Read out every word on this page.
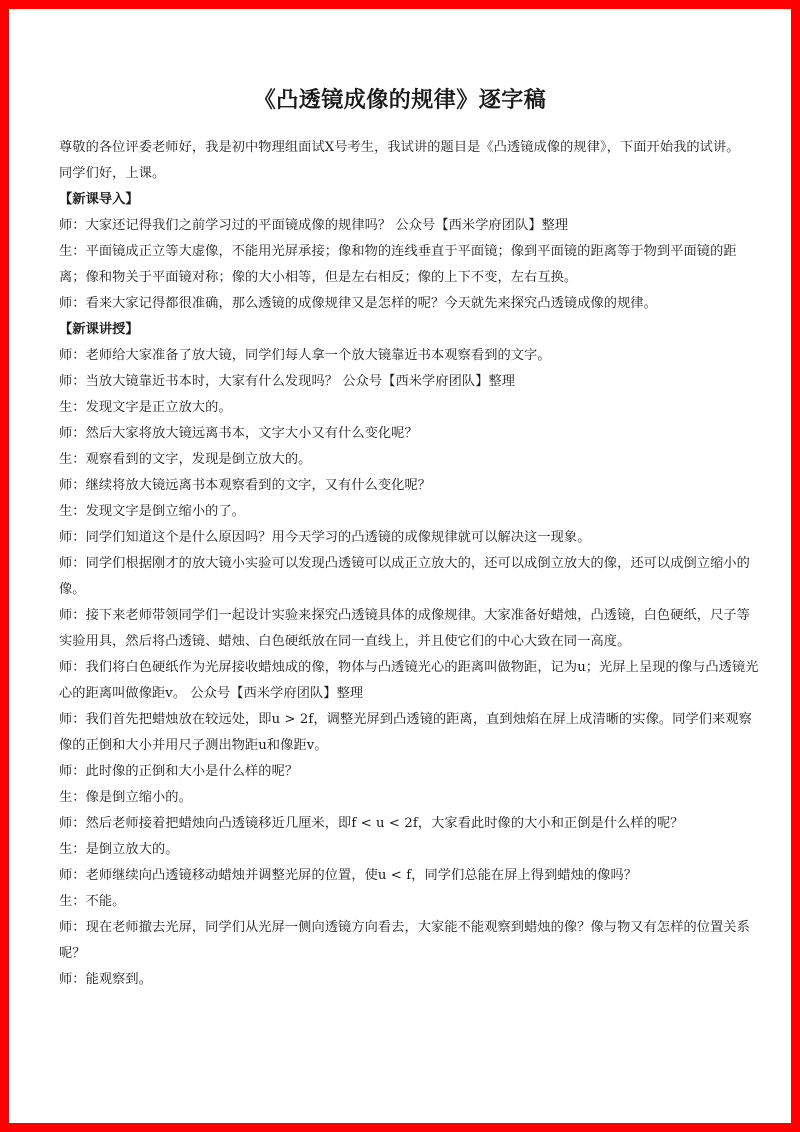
《凸透镜成像的规律》逐字稿

尊敬的各位评委老师好，我是初中物理组面试X号考生，我试讲的题目是《凸透镜成像的规律》，下面开始我的试讲。

同学们好，上课。

【新课导入】

师：大家还记得我们之前学习过的平面镜成像的规律吗？ 公众号【西米学府团队】整理

生：平面镜成正立等大虚像，不能用光屏承接；像和物的连线垂直于平面镜；像到平面镜的距离等于物到平面镜的距离；像和物关于平面镜对称；像的大小相等，但是左右相反；像的上下不变，左右互换。

师：看来大家记得都很准确，那么透镜的成像规律又是怎样的呢？今天就先来探究凸透镜成像的规律。

【新课讲授】

师：老师给大家准备了放大镜，同学们每人拿一个放大镜靠近书本观察看到的文字。

师：当放大镜靠近书本时，大家有什么发现吗？ 公众号【西米学府团队】整理

生：发现文字是正立放大的。

师：然后大家将放大镜远离书本，文字大小又有什么变化呢？

生：观察看到的文字，发现是倒立放大的。

师：继续将放大镜远离书本观察看到的文字，又有什么变化呢？

生：发现文字是倒立缩小的了。

师：同学们知道这个是什么原因吗？用今天学习的凸透镜的成像规律就可以解决这一现象。

师：同学们根据刚才的放大镜小实验可以发现凸透镜可以成正立放大的，还可以成倒立放大的像，还可以成倒立缩小的像。

师：接下来老师带领同学们一起设计实验来探究凸透镜具体的成像规律。大家准备好蜡烛，凸透镜，白色硬纸，尺子等实验用具，然后将凸透镜、蜡烛、白色硬纸放在同一直线上，并且使它们的中心大致在同一高度。

师：我们将白色硬纸作为光屏接收蜡烛成的像，物体与凸透镜光心的距离叫做物距，记为u；光屏上呈现的像与凸透镜光心的距离叫做像距v。 公众号【西米学府团队】整理

师：我们首先把蜡烛放在较远处，即u > 2f，调整光屏到凸透镜的距离，直到烛焰在屏上成清晰的实像。同学们来观察像的正倒和大小并用尺子测出物距u和像距v。

师：此时像的正倒和大小是什么样的呢？

生：像是倒立缩小的。

师：然后老师接着把蜡烛向凸透镜移近几厘米，即f < u < 2f，大家看此时像的大小和正倒是什么样的呢？

生：是倒立放大的。

师：老师继续向凸透镜移动蜡烛并调整光屏的位置，使u < f，同学们总能在屏上得到蜡烛的像吗？

生：不能。

师：现在老师撤去光屏，同学们从光屏一侧向透镜方向看去，大家能不能观察到蜡烛的像？像与物又有怎样的位置关系呢？

师：能观察到。
